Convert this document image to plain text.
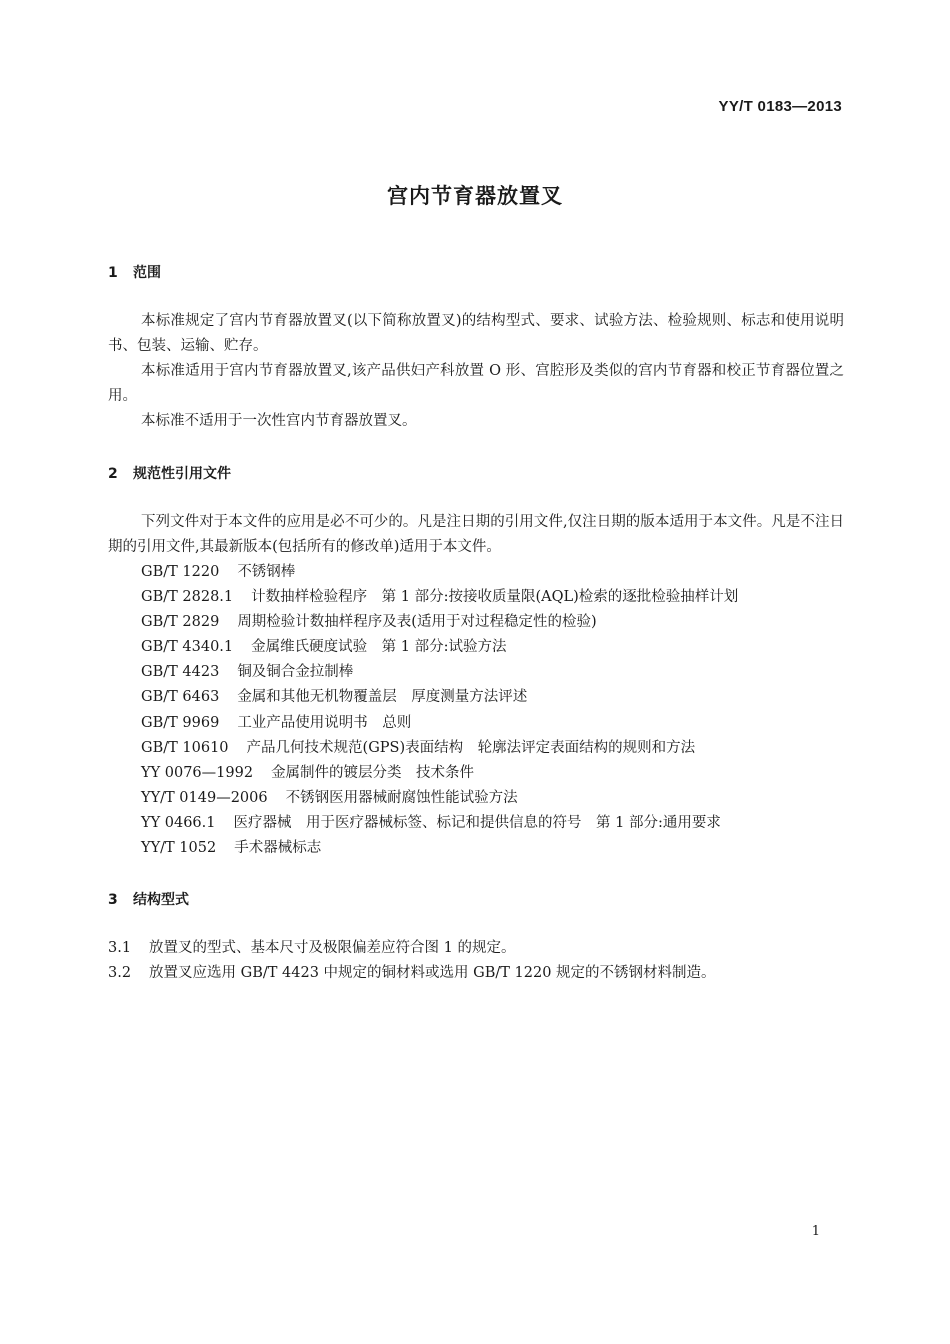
YY/T 0183—2013
宫内节育器放置叉
1 范围

本标准规定了宫内节育器放置叉(以下简称放置叉)的结构型式、要求、试验方法、检验规则、标志和使用说明书、包装、运输、贮存。

本标准适用于宫内节育器放置叉,该产品供妇产科放置 O 形、宫腔形及类似的宫内节育器和校正节育器位置之用。

本标准不适用于一次性宫内节育器放置叉。

2 规范性引用文件

下列文件对于本文件的应用是必不可少的。凡是注日期的引用文件,仅注日期的版本适用于本文件。凡是不注日期的引用文件,其最新版本(包括所有的修改单)适用于本文件。

GB/T 1220 不锈钢棒
GB/T 2828.1 计数抽样检验程序　第 1 部分:按接收质量限(AQL)检索的逐批检验抽样计划
GB/T 2829 周期检验计数抽样程序及表(适用于对过程稳定性的检验)
GB/T 4340.1 金属维氏硬度试验　第 1 部分:试验方法
GB/T 4423 铜及铜合金拉制棒
GB/T 6463 金属和其他无机物覆盖层　厚度测量方法评述
GB/T 9969 工业产品使用说明书　总则
GB/T 10610 产品几何技术规范(GPS)表面结构　轮廓法评定表面结构的规则和方法
YY 0076—1992 金属制件的镀层分类　技术条件
YY/T 0149—2006 不锈钢医用器械耐腐蚀性能试验方法
YY 0466.1 医疗器械　用于医疗器械标签、标记和提供信息的符号　第 1 部分:通用要求
YY/T 1052 手术器械标志
3 结构型式
3.1 放置叉的型式、基本尺寸及极限偏差应符合图 1 的规定。
3.2 放置叉应选用 GB/T 4423 中规定的铜材料或选用 GB/T 1220 规定的不锈钢材料制造。
1
